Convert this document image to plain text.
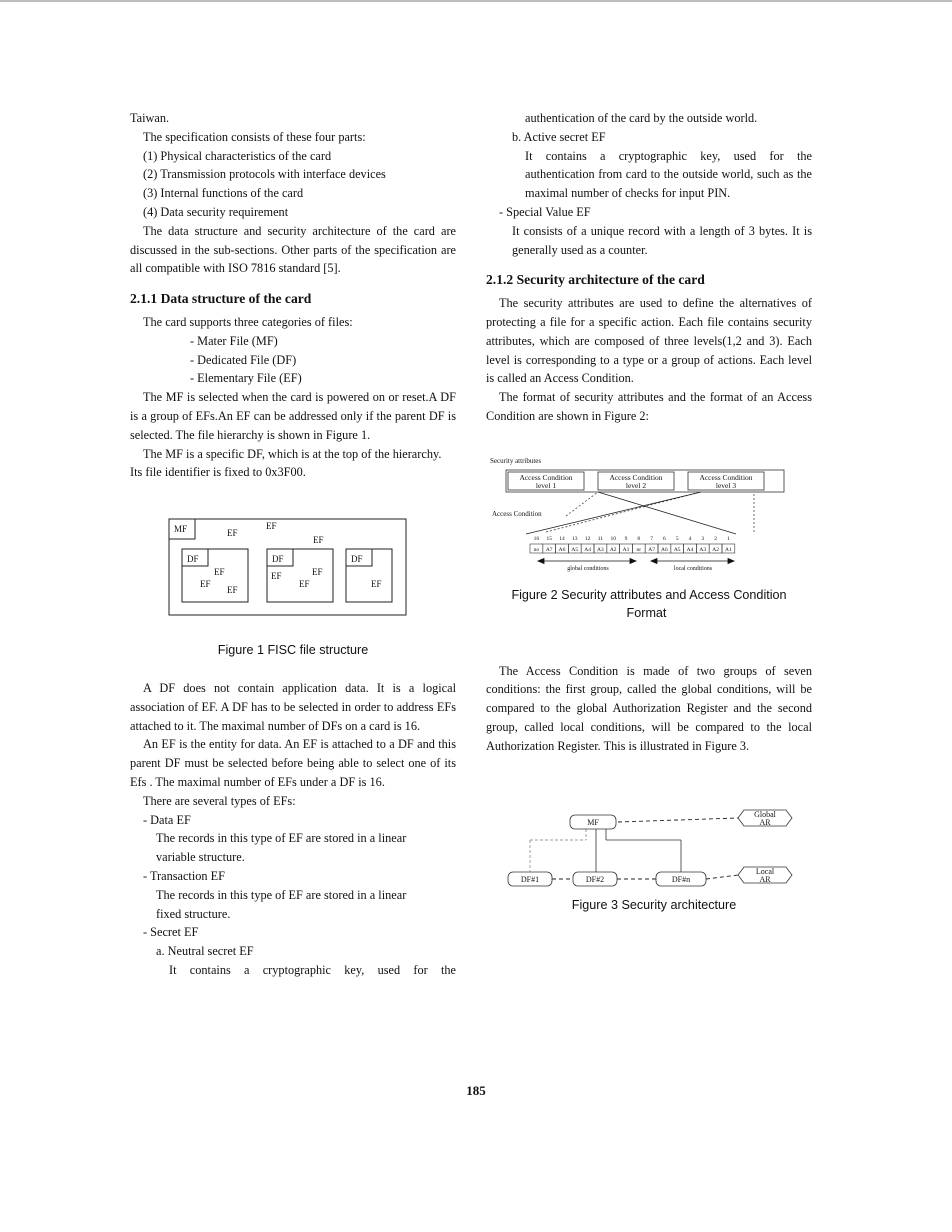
Taiwan.

The specification consists of these four parts:

(1) Physical characteristics of the card

(2) Transmission protocols with interface devices

(3) Internal functions of the card

(4) Data security requirement

The data structure and security architecture of the card are discussed in the sub-sections. Other parts of the specification are all compatible with ISO 7816 standard [5].

2.1.1 Data structure of the card

The card supports three categories of files:

- Mater File (MF)

- Dedicated File (DF)

- Elementary File (EF)

The MF is selected when the card is powered on or reset.A DF is a group of EFs.An EF can be addressed only if the parent DF is selected. The file hierarchy is shown in Figure 1.

The MF is a specific DF, which is at the top of the hierarchy. Its file identifier is fixed to 0x3F00.

MF	EF
EF
EF
DF
EF
EF
EF
DF
EF
EF
EF
DF
EF

Figure 1 FISC file structure

A DF does not contain application data. It is a logical association of EF. A DF has to be selected in order to address EFs attached to it. The maximal number of DFs on a card is 16.

An EF is the entity for data. An EF is attached to a DF and this parent DF must be selected before being able to select one of its Efs . The maximal number of EFs under a DF is 16.

There are several types of EFs:

- Data EF

The records in this type of EF are stored in a linear

variable structure.

- Transaction EF

The records in this type of EF are stored in a linear

fixed structure.

- Secret EF

a. Neutral secret EF

It contains a cryptographic key, used for the

authentication of the card by the outside world.

b. Active secret EF

It contains a cryptographic key, used for the authentication from card to the outside world, such as the maximal number of checks for input PIN.

- Special Value EF

It consists of a unique record with a length of 3 bytes. It is generally used as a counter.

2.1.2 Security architecture of the card

The security attributes are used to define the alternatives of protecting a file for a specific action. Each file contains security attributes, which are composed of three levels(1,2 and 3). Each level is corresponding to a type or a group of actions. Each level is called an Access Condition.

The format of security attributes and the format of an Access Condition are shown in Figure 2:

Security attributes
Access Condition
Access Condition
level 1
Access Condition
level 2
Access Condition
level 3
16 15 14 13 12 11 10 9 8 7 6 5 4 3 2 1
no A7 A6 A5 A4 A3 A2 A1 nr A7 A6 A5 A4 A3 A2 A1
global conditions	local conditions

Figure 2 Security attributes and Access Condition

Format

The Access Condition is made of two groups of seven conditions: the first group, called the global conditions, will be compared to the global Authorization Register and the second group, called local conditions, will be compared to the local Authorization Register. This is illustrated in Figure 3.

MF
DF#1	DF#2	DF#n
Global
AR
Local
AR

Figure 3 Security architecture

185
